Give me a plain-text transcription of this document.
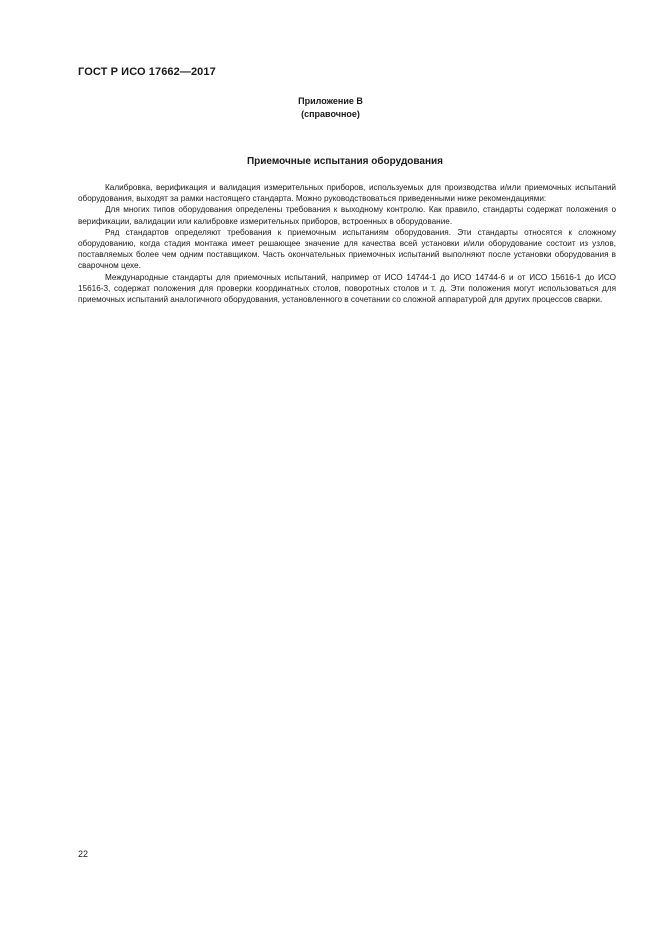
ГОСТ Р ИСО 17662—2017
Приложение В
(справочное)
Приемочные испытания оборудования

Калибровка, верификация и валидация измерительных приборов, используемых для производства и/или приемочных испытаний оборудования, выходят за рамки настоящего стандарта. Можно руководствоваться приведенными ниже рекомендациями:

Для многих типов оборудования определены требования к выходному контролю. Как правило, стандарты содержат положения о верификации, валидации или калибровке измерительных приборов, встроенных в оборудование.

Ряд стандартов определяют требования к приемочным испытаниям оборудования. Эти стандарты относятся к сложному оборудованию, когда стадия монтажа имеет решающее значение для качества всей установки и/или оборудование состоит из узлов, поставляемых более чем одним поставщиком. Часть окончательных приемочных испытаний выполняют после установки оборудования в сварочном цехе.

Международные стандарты для приемочных испытаний, например от ИСО 14744-1 до ИСО 14744-6 и от ИСО 15616-1 до ИСО 15616-3, содержат положения для проверки координатных столов, поворотных столов и т. д. Эти положения могут использоваться для приемочных испытаний аналогичного оборудования, установленного в сочетании со сложной аппаратурой для других процессов сварки.

22
